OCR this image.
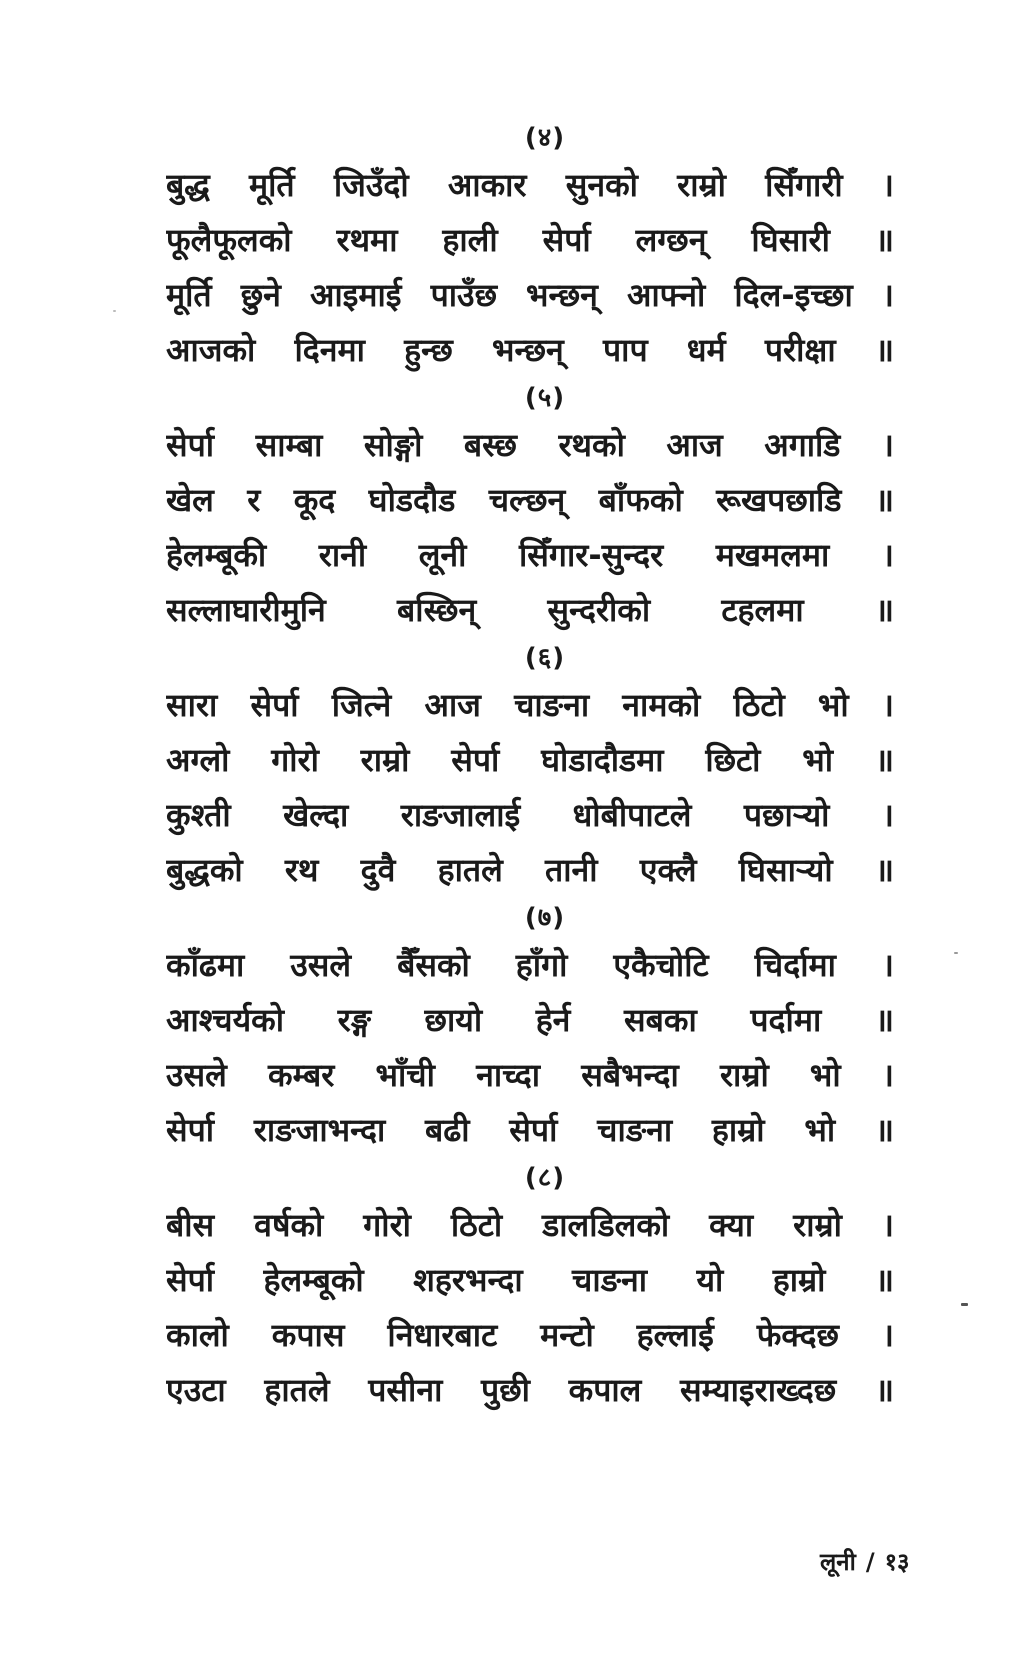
(४)
बुद्ध मूर्ति जिउँदो आकार सुनको राम्रो सिँगारी ।
फूलैफूलको रथमा हाली सेर्पा लग्छन् घिसारी ॥
मूर्ति छुने आइमाई पाउँछ भन्छन् आफ्नो दिल-इच्छा ।
आजको दिनमा हुन्छ भन्छन् पाप धर्म परीक्षा ॥
(५)
सेर्पा साम्बा सोङ्गो बस्छ रथको आज अगाडि ।
खेल र कूद घोडदौड चल्छन् बाँफको रूखपछाडि ॥
हेलम्बूकी रानी लूनी सिँगार-सुन्दर मखमलमा ।
सल्लाघारीमुनि बस्छिन् सुन्दरीको टहलमा ॥
(६)
सारा सेर्पा जित्ने आज चाङना नामको ठिटो भो ।
अग्लो गोरो राम्रो सेर्पा घोडादौडमा छिटो भो ॥
कुश्ती खेल्दा राङजालाई धोबीपाटले पछाऱ्यो ।
बुद्धको रथ दुवै हातले तानी एक्लै घिसाऱ्यो ॥
(७)
काँढमा उसले बैँसको हाँगो एकैचोटि चिर्दामा ।
आश्चर्यको रङ्ग छायो हेर्न सबका पर्दामा ॥
उसले कम्बर भाँची नाच्दा सबैभन्दा राम्रो भो ।
सेर्पा राङजाभन्दा बढी सेर्पा चाङना हाम्रो भो ॥
(८)
बीस वर्षको गोरो ठिटो डालडिलको क्या राम्रो ।
सेर्पा हेलम्बूको शहरभन्दा चाङना यो हाम्रो ॥
कालो कपास निधारबाट मन्टो हल्लाई फेक्दछ ।
एउटा हातले पसीना पुछी कपाल सम्याइराख्दछ ॥
लूनी / १३
